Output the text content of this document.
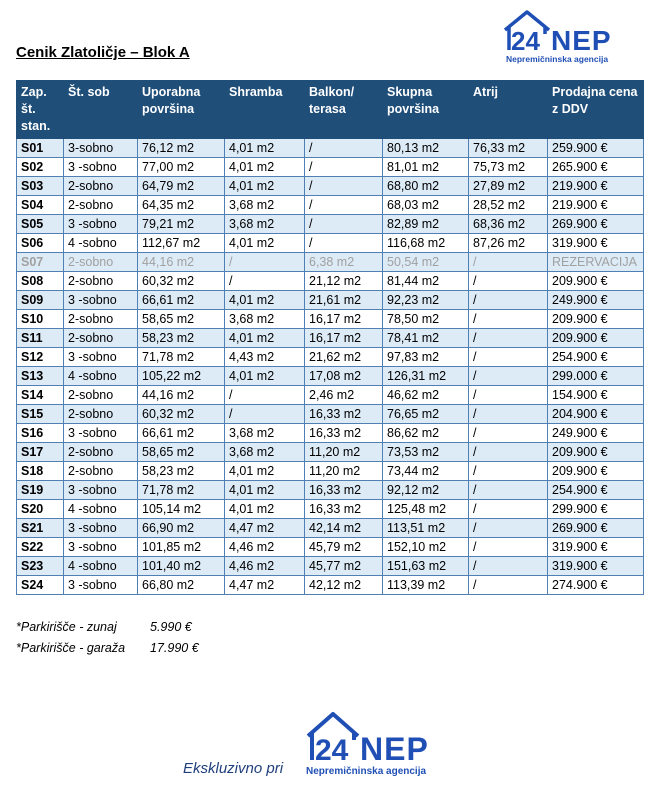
Cenik Zlatoličje – Blok A	24 NEP
Nepremičninska agencija
Zap. št. stan.	Št. sob	Uporabna površina	Shramba	Balkon/ terasa	Skupna površina	Atrij	Prodajna cena z DDV
S01	3-sobno	76,12 m2	4,01 m2	/	80,13 m2	76,33 m2	259.900 €
S02	3 -sobno	77,00 m2	4,01 m2	/	81,01 m2	75,73 m2	265.900 €
S03	2-sobno	64,79 m2	4,01 m2	/	68,80 m2	27,89 m2	219.900 €
S04	2-sobno	64,35 m2	3,68 m2	/	68,03 m2	28,52 m2	219.900 €
S05	3 -sobno	79,21 m2	3,68 m2	/	82,89 m2	68,36 m2	269.900 €
S06	4 -sobno	112,67 m2	4,01 m2	/	116,68 m2	87,26 m2	319.900 €
S07	2-sobno	44,16 m2	/	6,38 m2	50,54 m2	/	REZERVACIJA
S08	2-sobno	60,32 m2	/	21,12 m2	81,44 m2	/	209.900 €
S09	3 -sobno	66,61 m2	4,01 m2	21,61 m2	92,23 m2	/	249.900 €
S10	2-sobno	58,65 m2	3,68 m2	16,17 m2	78,50 m2	/	209.900 €
S11	2-sobno	58,23 m2	4,01 m2	16,17 m2	78,41 m2	/	209.900 €
S12	3 -sobno	71,78 m2	4,43 m2	21,62 m2	97,83 m2	/	254.900 €
S13	4 -sobno	105,22 m2	4,01 m2	17,08 m2	126,31 m2	/	299.000 €
S14	2-sobno	44,16 m2	/	2,46 m2	46,62 m2	/	154.900 €
S15	2-sobno	60,32 m2	/	16,33 m2	76,65 m2	/	204.900 €
S16	3 -sobno	66,61 m2	3,68 m2	16,33 m2	86,62 m2	/	249.900 €
S17	2-sobno	58,65 m2	3,68 m2	11,20 m2	73,53 m2	/	209.900 €
S18	2-sobno	58,23 m2	4,01 m2	11,20 m2	73,44 m2	/	209.900 €
S19	3 -sobno	71,78 m2	4,01 m2	16,33 m2	92,12 m2	/	254.900 €
S20	4 -sobno	105,14 m2	4,01 m2	16,33 m2	125,48 m2	/	299.900 €
S21	3 -sobno	66,90 m2	4,47 m2	42,14 m2	113,51 m2	/	269.900 €
S22	3 -sobno	101,85 m2	4,46 m2	45,79 m2	152,10 m2	/	319.900 €
S23	4 -sobno	101,40 m2	4,46 m2	45,77 m2	151,63 m2	/	319.900 €
S24	3 -sobno	66,80 m2	4,47 m2	42,12 m2	113,39 m2	/	274.900 €
*Parkirišče - zunaj	5.990 €
*Parkirišče - garaža	17.990 €
Ekskluzivno pri
24 NEP
Nepremičninska agencija
